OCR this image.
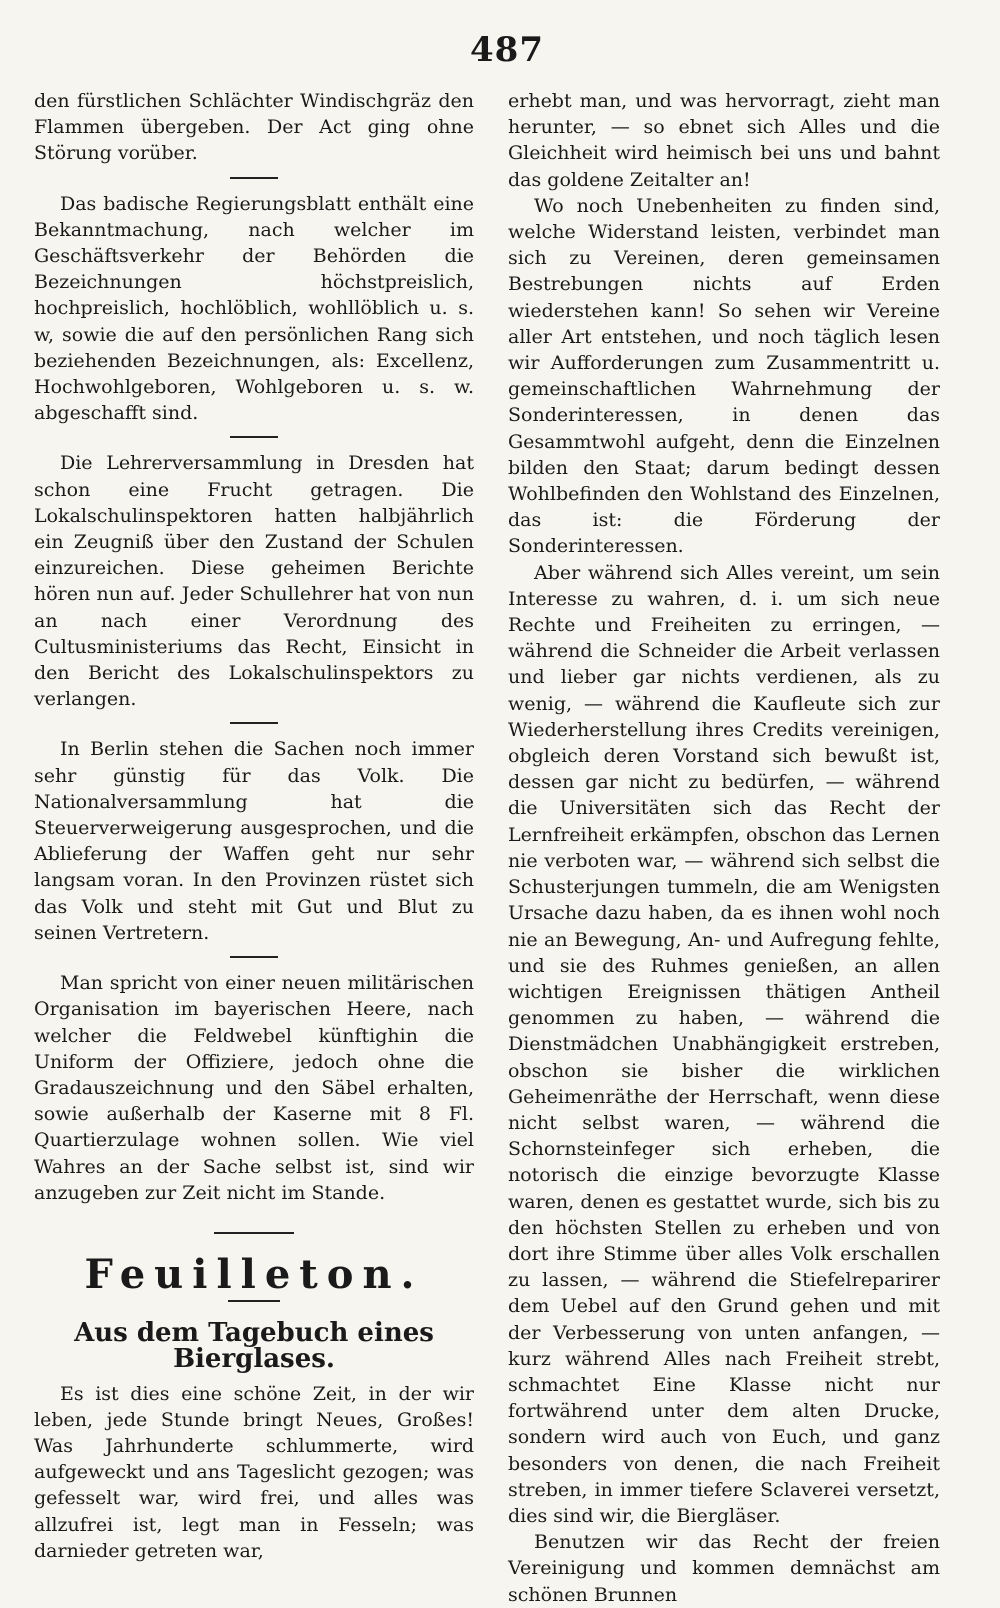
487

den fürstlichen Schlächter Windischgräz den Flammen übergeben. Der Act ging ohne Störung vorüber.

Das badische Regierungsblatt enthält eine Bekanntmachung, nach welcher im Geschäftsverkehr der Behörden die Bezeichnungen höchstpreislich, hochpreislich, hochlöblich, wohllöblich u. s. w, sowie die auf den persönlichen Rang sich beziehenden Bezeichnungen, als: Excellenz, Hochwohlgeboren, Wohlgeboren u. s. w. abgeschafft sind.

Die Lehrerversammlung in Dresden hat schon eine Frucht getragen. Die Lokalschulinspektoren hatten halbjährlich ein Zeugniß über den Zustand der Schulen einzureichen. Diese geheimen Berichte hören nun auf. Jeder Schullehrer hat von nun an nach einer Verordnung des Cultusministeriums das Recht, Einsicht in den Bericht des Lokalschulinspektors zu verlangen.

In Berlin stehen die Sachen noch immer sehr günstig für das Volk. Die Nationalversammlung hat die Steuerverweigerung ausgesprochen, und die Ablieferung der Waffen geht nur sehr langsam voran. In den Provinzen rüstet sich das Volk und steht mit Gut und Blut zu seinen Vertretern.

Man spricht von einer neuen militärischen Organisation im bayerischen Heere, nach welcher die Feldwebel künftighin die Uniform der Offiziere, jedoch ohne die Gradauszeichnung und den Säbel erhalten, sowie außerhalb der Kaserne mit 8 Fl. Quartierzulage wohnen sollen. Wie viel Wahres an der Sache selbst ist, sind wir anzugeben zur Zeit nicht im Stande.

Feuilleton.
Aus dem Tagebuch eines Bierglases.

Es ist dies eine schöne Zeit, in der wir leben, jede Stunde bringt Neues, Großes! Was Jahrhunderte schlummerte, wird aufgeweckt und ans Tageslicht gezogen; was gefesselt war, wird frei, und alles was allzufrei ist, legt man in Fesseln; was darnieder getreten war,

erhebt man, und was hervorragt, zieht man herunter, — so ebnet sich Alles und die Gleichheit wird heimisch bei uns und bahnt das goldene Zeitalter an!

Wo noch Unebenheiten zu finden sind, welche Widerstand leisten, verbindet man sich zu Vereinen, deren gemeinsamen Bestrebungen nichts auf Erden wiederstehen kann! So sehen wir Vereine aller Art entstehen, und noch täglich lesen wir Aufforderungen zum Zusammentritt u. gemeinschaftlichen Wahrnehmung der Sonderinteressen, in denen das Gesammtwohl aufgeht, denn die Einzelnen bilden den Staat; darum bedingt dessen Wohlbefinden den Wohlstand des Einzelnen, das ist: die Förderung der Sonderinteressen.

Aber während sich Alles vereint, um sein Interesse zu wahren, d. i. um sich neue Rechte und Freiheiten zu erringen, — während die Schneider die Arbeit verlassen und lieber gar nichts verdienen, als zu wenig, — während die Kaufleute sich zur Wiederherstellung ihres Credits vereinigen, obgleich deren Vorstand sich bewußt ist, dessen gar nicht zu bedürfen, — während die Universitäten sich das Recht der Lernfreiheit erkämpfen, obschon das Lernen nie verboten war, — während sich selbst die Schusterjungen tummeln, die am Wenigsten Ursache dazu haben, da es ihnen wohl noch nie an Bewegung, An- und Aufregung fehlte, und sie des Ruhmes genießen, an allen wichtigen Ereignissen thätigen Antheil genommen zu haben, — während die Dienstmädchen Unabhängigkeit erstreben, obschon sie bisher die wirklichen Geheimenräthe der Herrschaft, wenn diese nicht selbst waren, — während die Schornsteinfeger sich erheben, die notorisch die einzige bevorzugte Klasse waren, denen es gestattet wurde, sich bis zu den höchsten Stellen zu erheben und von dort ihre Stimme über alles Volk erschallen zu lassen, — während die Stiefelreparirer dem Uebel auf den Grund gehen und mit der Verbesserung von unten anfangen, — kurz während Alles nach Freiheit strebt, schmachtet Eine Klasse nicht nur fortwährend unter dem alten Drucke, sondern wird auch von Euch, und ganz besonders von denen, die nach Freiheit streben, in immer tiefere Sclaverei versetzt, dies sind wir, die Biergläser.

Benutzen wir das Recht der freien Vereinigung und kommen demnächst am schönen Brunnen
